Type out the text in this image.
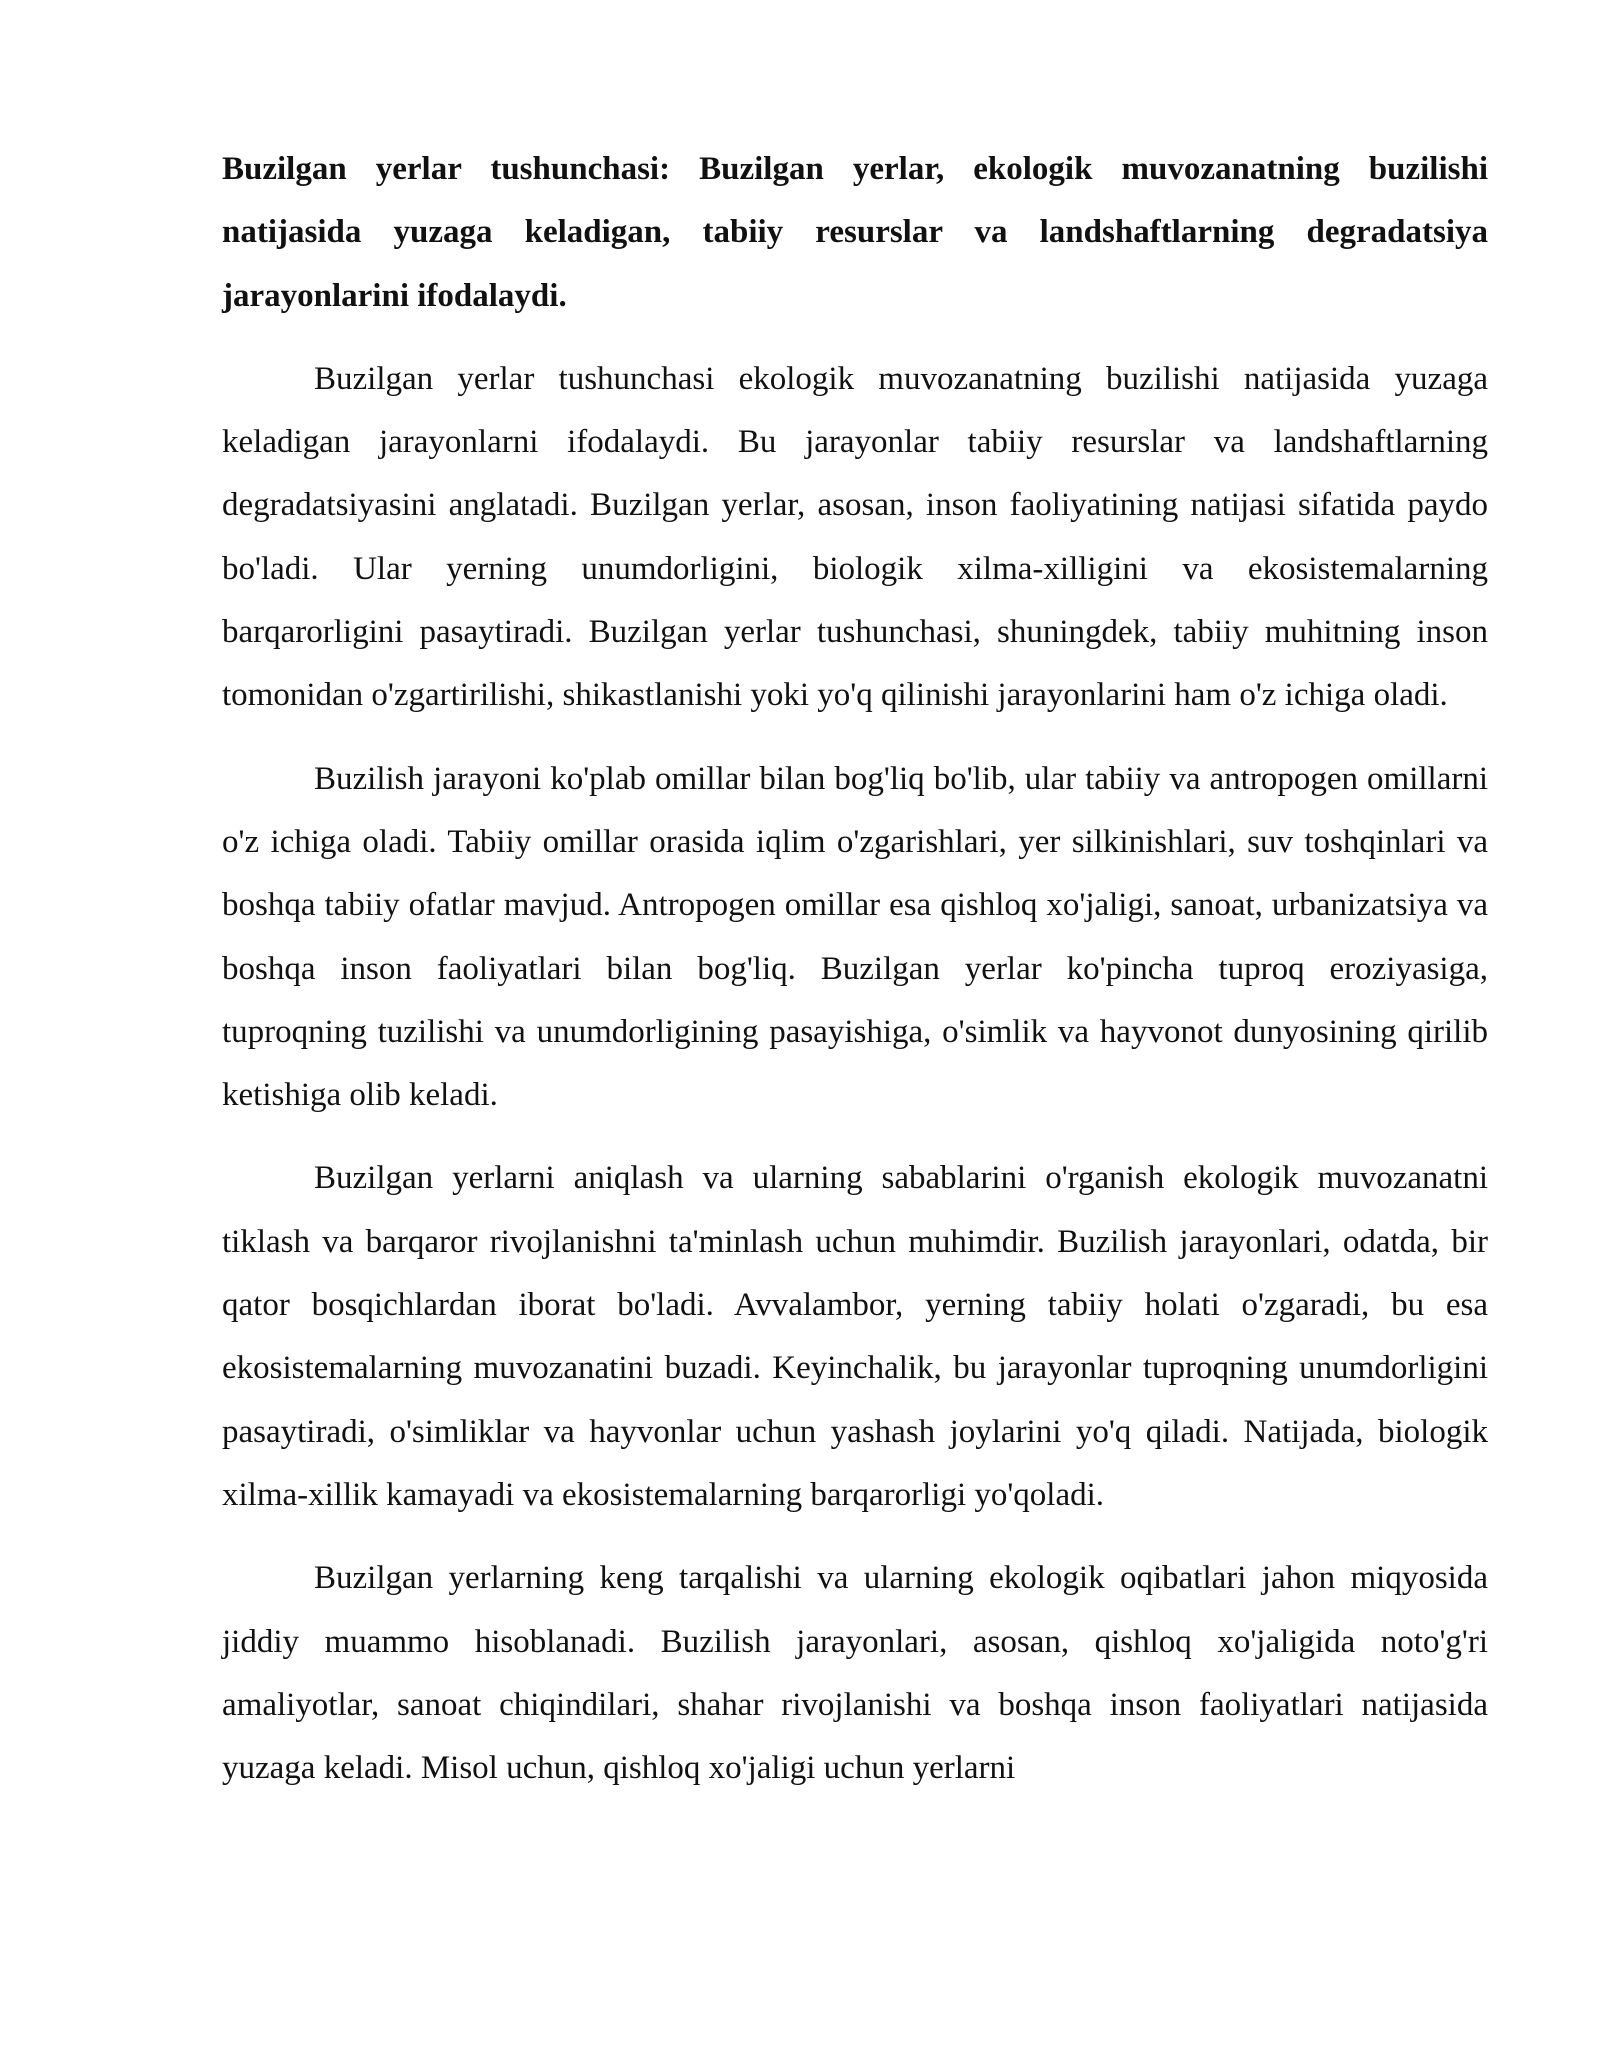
Buzilgan yerlar tushunchasi: Buzilgan yerlar, ekologik muvozanatning buzilishi natijasida yuzaga keladigan, tabiiy resurslar va landshaftlarning degradatsiya jarayonlarini ifodalaydi.

Buzilgan yerlar tushunchasi ekologik muvozanatning buzilishi natijasida yuzaga keladigan jarayonlarni ifodalaydi. Bu jarayonlar tabiiy resurslar va landshaftlarning degradatsiyasini anglatadi. Buzilgan yerlar, asosan, inson faoliyatining natijasi sifatida paydo bo'ladi. Ular yerning unumdorligini, biologik xilma-xilligini va ekosistemalarning barqarorligini pasaytiradi. Buzilgan yerlar tushunchasi, shuningdek, tabiiy muhitning inson tomonidan o'zgartirilishi, shikastlanishi yoki yo'q qilinishi jarayonlarini ham o'z ichiga oladi.

Buzilish jarayoni ko'plab omillar bilan bog'liq bo'lib, ular tabiiy va antropogen omillarni o'z ichiga oladi. Tabiiy omillar orasida iqlim o'zgarishlari, yer silkinishlari, suv toshqinlari va boshqa tabiiy ofatlar mavjud. Antropogen omillar esa qishloq xo'jaligi, sanoat, urbanizatsiya va boshqa inson faoliyatlari bilan bog'liq. Buzilgan yerlar ko'pincha tuproq eroziyasiga, tuproqning tuzilishi va unumdorligining pasayishiga, o'simlik va hayvonot dunyosining qirilib ketishiga olib keladi.

Buzilgan yerlarni aniqlash va ularning sabablarini o'rganish ekologik muvozanatni tiklash va barqaror rivojlanishni ta'minlash uchun muhimdir. Buzilish jarayonlari, odatda, bir qator bosqichlardan iborat bo'ladi. Avvalambor, yerning tabiiy holati o'zgaradi, bu esa ekosistemalarning muvozanatini buzadi. Keyinchalik, bu jarayonlar tuproqning unumdorligini pasaytiradi, o'simliklar va hayvonlar uchun yashash joylarini yo'q qiladi. Natijada, biologik xilma-xillik kamayadi va ekosistemalarning barqarorligi yo'qoladi.

Buzilgan yerlarning keng tarqalishi va ularning ekologik oqibatlari jahon miqyosida jiddiy muammo hisoblanadi. Buzilish jarayonlari, asosan, qishloq xo'jaligida noto'g'ri amaliyotlar, sanoat chiqindilari, shahar rivojlanishi va boshqa inson faoliyatlari natijasida yuzaga keladi. Misol uchun, qishloq xo'jaligi uchun yerlarni
